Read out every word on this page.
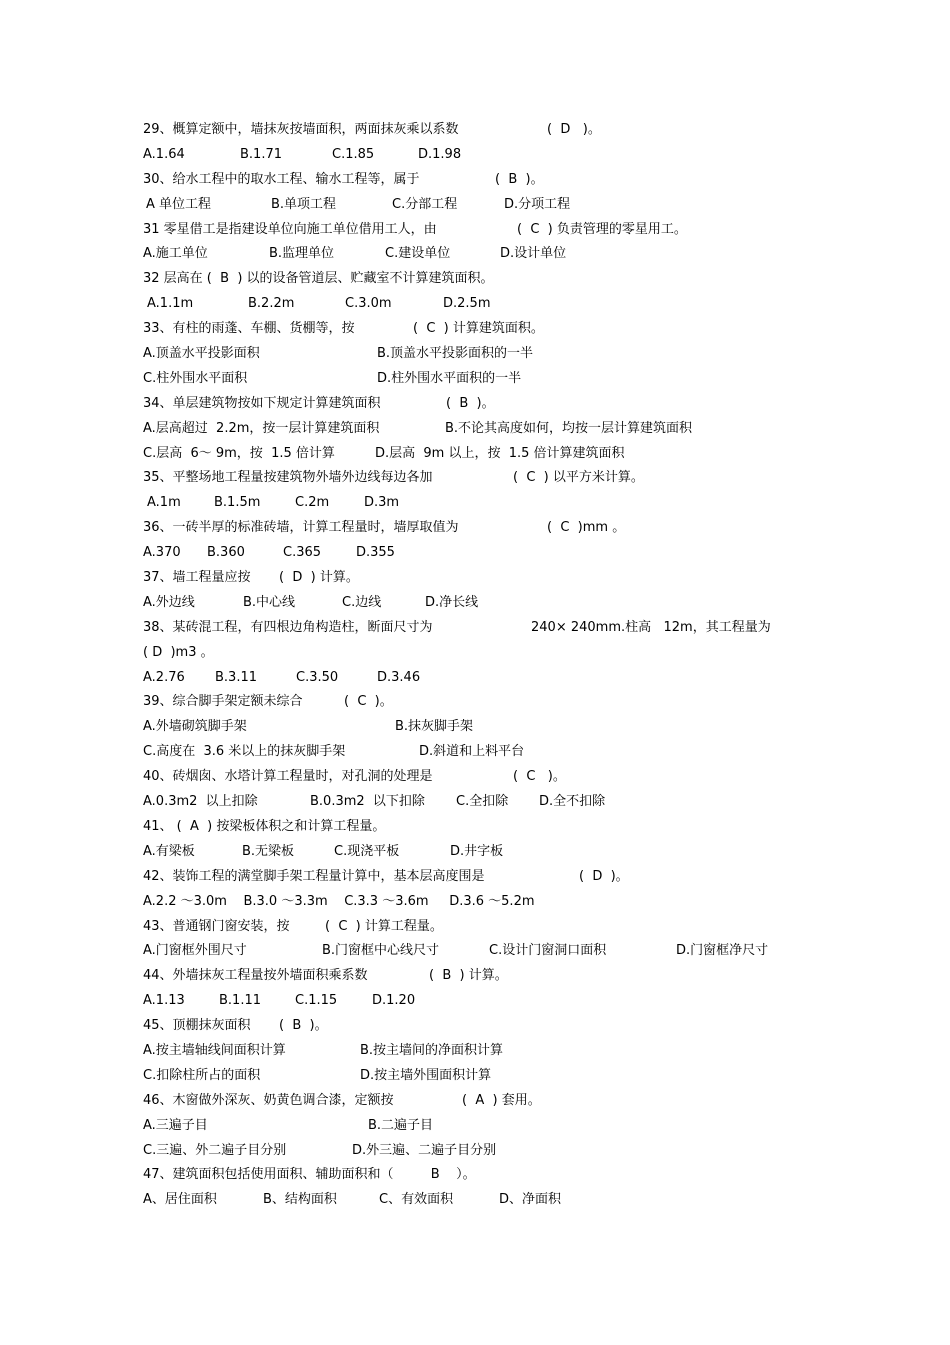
29、概算定额中，墙抹灰按墙面积，两面抹灰乘以系数	(  D   )。
A.1.64	B.1.71	C.1.85	D.1.98
30、给水工程中的取水工程、输水工程等，属于	(  B  )。
A 单位工程	B.单项工程	C.分部工程	D.分项工程
31 零星借工是指建设单位向施工单位借用工人，由	(  C  ) 负责管理的零星用工。
A.施工单位	B.监理单位	C.建设单位	D.设计单位
32 层高在 (  B  ) 以的设备管道层、贮藏室不计算建筑面积。
A.1.1m	B.2.2m	C.3.0m	D.2.5m
33、有柱的雨蓬、车棚、货棚等，按	(  C  ) 计算建筑面积。
A.顶盖水平投影面积	B.顶盖水平投影面积的一半
C.柱外围水平面积	D.柱外围水平面积的一半
34、单层建筑物按如下规定计算建筑面积	(  B  )。
A.层高超过  2.2m，按一层计算建筑面积	B.不论其高度如何，均按一层计算建筑面积
C.层高  6～ 9m，按  1.5 倍计算	D.层高  9m 以上，按  1.5 倍计算建筑面积
35、平整场地工程量按建筑物外墙外边线每边各加	(  C  ) 以平方米计算。
A.1m	B.1.5m	C.2m	D.3m
36、一砖半厚的标准砖墙，计算工程量时，墙厚取值为	(  C  )mm 。
A.370 B.360	C.365	D.355
37、墙工程量应按 (  D  ) 计算。
A.外边线	B.中心线	C.边线	D.净长线
38、某砖混工程，有四根边角构造柱，断面尺寸为	240× 240mm.柱高   12m，其工程量为
( D  )m3 。
A.2.76 B.3.11	C.3.50	D.3.46
39、综合脚手架定额未综合	(  C  )。
A.外墙砌筑脚手架	B.抹灰脚手架
C.高度在  3.6 米以上的抹灰脚手架	D.斜道和上料平台
40、砖烟囱、水塔计算工程量时，对孔洞的处理是	(  C   )。
A.0.3m2  以上扣除	B.0.3m2  以下扣除 C.全扣除 D.全不扣除
41、 (  A  ) 按梁板体积之和计算工程量。
A.有梁板	B.无梁板	C.现浇平板	D.井字板
42、装饰工程的满堂脚手架工程量计算中，基本层高度围是	(  D  )。
A.2.2 ～3.0m    B.3.0 ～3.3m    C.3.3 ～3.6m     D.3.6 ～5.2m
43、普通钢门窗安装，按	(  C  ) 计算工程量。
A.门窗框外围尺寸	B.门窗框中心线尺寸	C.设计门窗洞口面积	D.门窗框净尺寸
44、外墙抹灰工程量按外墙面积乘系数	(  B  ) 计算。
A.1.13	B.1.11	C.1.15	D.1.20
45、顶棚抹灰面积 (  B  )。
A.按主墙轴线间面积计算	B.按主墙间的净面积计算
C.扣除柱所占的面积	D.按主墙外围面积计算
46、木窗做外深灰、奶黄色调合漆，定额按	(  A  ) 套用。
A.三遍子目	B.二遍子目
C.三遍、外二遍子目分别	D.外三遍、二遍子目分别
47、建筑面积包括使用面积、辅助面积和（         B    ）。
A、居住面积	B、结构面积	C、有效面积	D、净面积
